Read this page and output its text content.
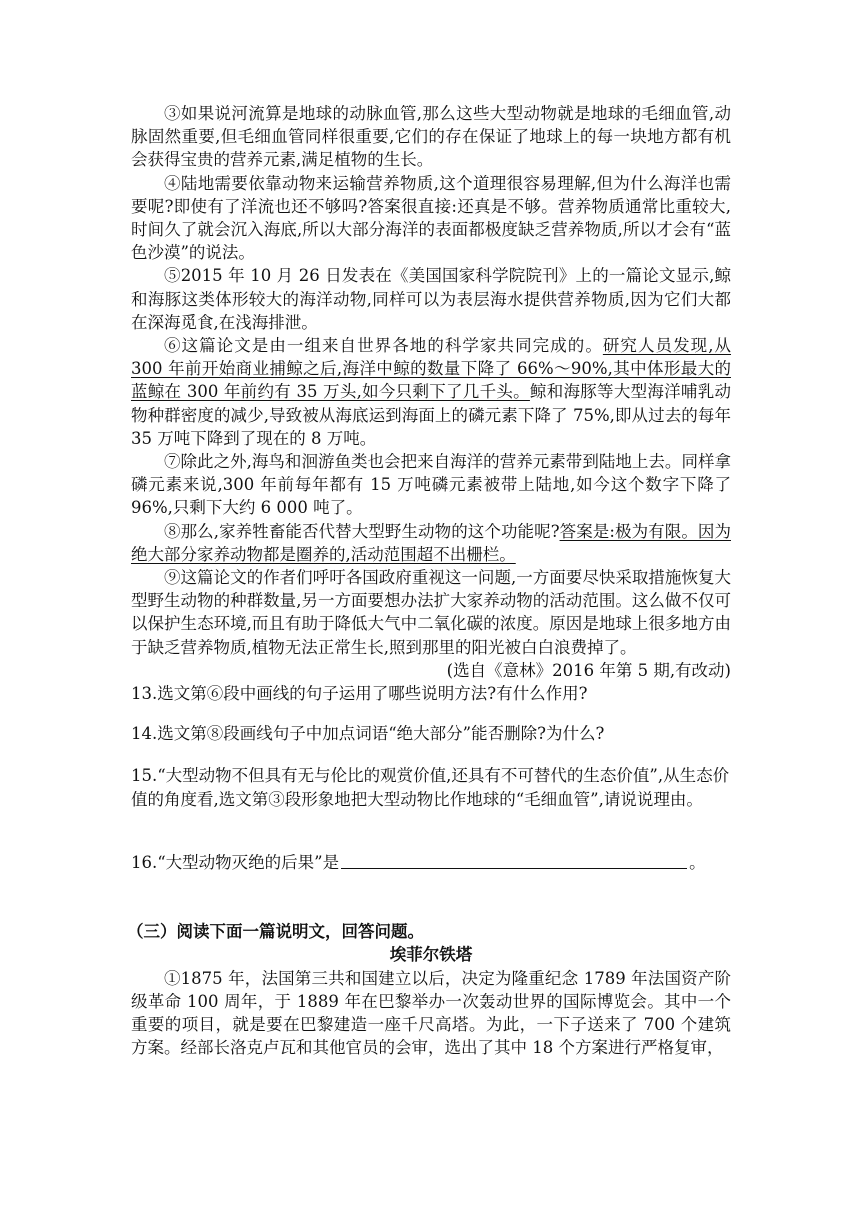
③如果说河流算是地球的动脉血管,那么这些大型动物就是地球的毛细血管,动脉固然重要,但毛细血管同样很重要,它们的存在保证了地球上的每一块地方都有机会获得宝贵的营养元素,满足植物的生长。

④陆地需要依靠动物来运输营养物质,这个道理很容易理解,但为什么海洋也需要呢?即使有了洋流也还不够吗?答案很直接:还真是不够。营养物质通常比重较大,时间久了就会沉入海底,所以大部分海洋的表面都极度缺乏营养物质,所以才会有“蓝色沙漠”的说法。

⑤2015 年 10 月 26 日发表在《美国国家科学院院刊》上的一篇论文显示,鲸和海豚这类体形较大的海洋动物,同样可以为表层海水提供营养物质,因为它们大都在深海觅食,在浅海排泄。

⑥这篇论文是由一组来自世界各地的科学家共同完成的。研究人员发现,从 300 年前开始商业捕鲸之后,海洋中鲸的数量下降了 66%～90%,其中体形最大的蓝鲸在 300 年前约有 35 万头,如今只剩下了几千头。鲸和海豚等大型海洋哺乳动物种群密度的减少,导致被从海底运到海面上的磷元素下降了 75%,即从过去的每年 35 万吨下降到了现在的 8 万吨。

⑦除此之外,海鸟和洄游鱼类也会把来自海洋的营养元素带到陆地上去。同样拿磷元素来说,300 年前每年都有 15 万吨磷元素被带上陆地,如今这个数字下降了 96%,只剩下大约 6 000 吨了。

⑧那么,家养牲畜能否代替大型野生动物的这个功能呢?答案是:极为有限。因为绝大部分家养动物都是圈养的,活动范围超不出栅栏。

⑨这篇论文的作者们呼吁各国政府重视这一问题,一方面要尽快采取措施恢复大型野生动物的种群数量,另一方面要想办法扩大家养动物的活动范围。这么做不仅可以保护生态环境,而且有助于降低大气中二氧化碳的浓度。原因是地球上很多地方由于缺乏营养物质,植物无法正常生长,照到那里的阳光被白白浪费掉了。

(选自《意林》2016 年第 5 期,有改动)

13.选文第⑥段中画线的句子运用了哪些说明方法?有什么作用?

14.选文第⑧段画线句子中加点词语“绝大部分”能否删除?为什么?

15.“大型动物不但具有无与伦比的观赏价值,还具有不可替代的生态价值”,从生态价值的角度看,选文第③段形象地把大型动物比作地球的“毛细血管”,请说说理由。

16.“大型动物灭绝的后果”是	。

（三）阅读下面一篇说明文，回答问题。

埃菲尔铁塔

①1875 年，法国第三共和国建立以后，决定为隆重纪念 1789 年法国资产阶级革命 100 周年，于 1889 年在巴黎举办一次轰动世界的国际博览会。其中一个重要的项目，就是要在巴黎建造一座千尺高塔。为此，一下子送来了 700 个建筑方案。经部长洛克卢瓦和其他官员的会审，选出了其中 18 个方案进行严格复审，
